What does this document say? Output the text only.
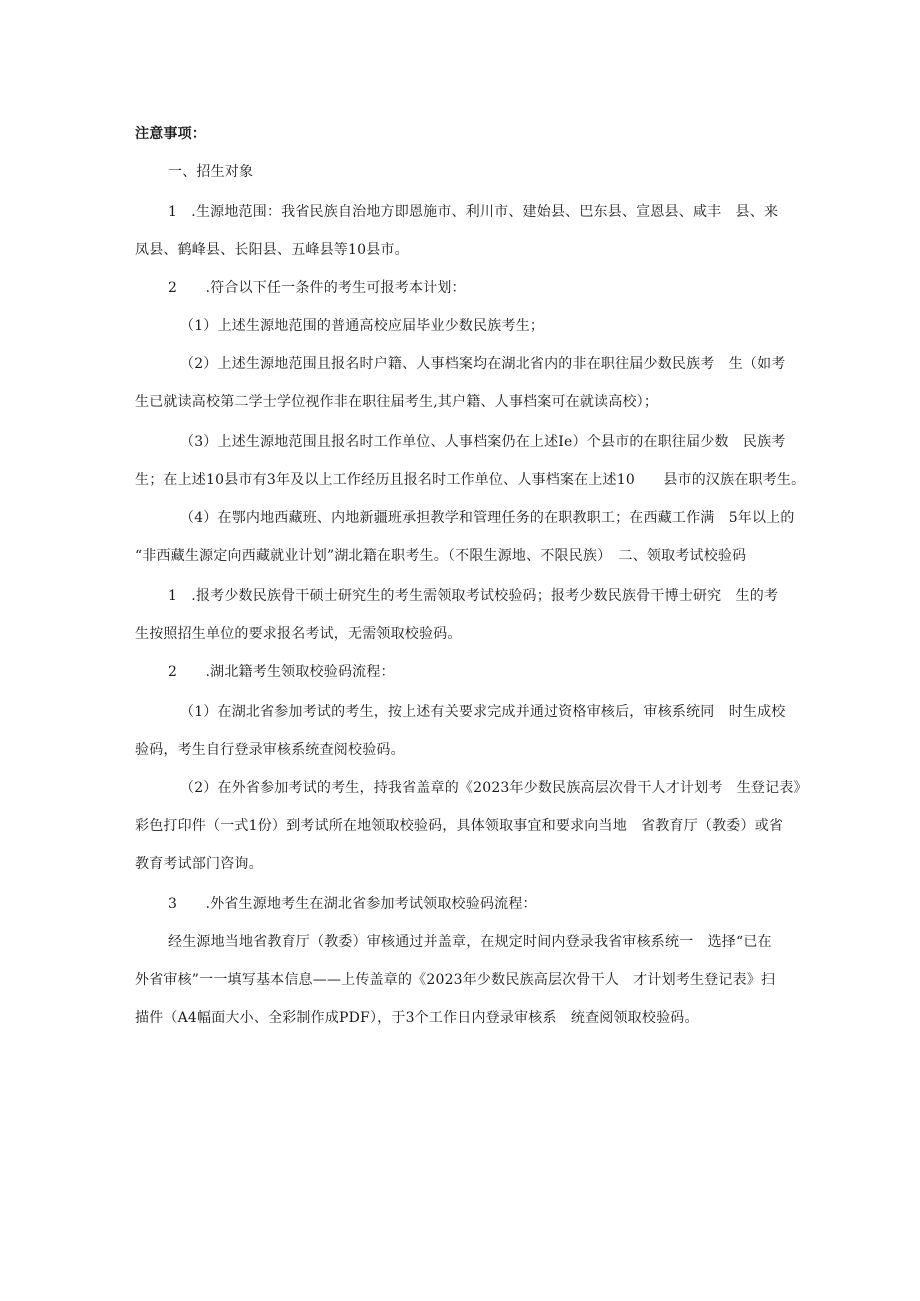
注意事项：
一、招生对象
1　.生源地范围：我省民族自治地方即恩施市、利川市、建始县、巴东县、宣恩县、咸丰　县、来
凤县、鹤峰县、长阳县、五峰县等10县市。
2　　.符合以下任一条件的考生可报考本计划：
（1）上述生源地范围的普通高校应届毕业少数民族考生；
（2）上述生源地范围且报名时户籍、人事档案均在湖北省内的非在职往届少数民族考　生（如考
生已就读高校第二学士学位视作非在职往届考生,其户籍、人事档案可在就读高校）；
（3）上述生源地范围且报名时工作单位、人事档案仍在上述Ie）个县市的在职往届少数　民族考
生；在上述10县市有3年及以上工作经历且报名时工作单位、人事档案在上述10　　县市的汉族在职考生。
（4）在鄂内地西藏班、内地新疆班承担教学和管理任务的在职教职工；在西藏工作满　5年以上的
“非西藏生源定向西藏就业计划”湖北籍在职考生。（不限生源地、不限民族）　二、领取考试校验码
1　.报考少数民族骨干硕士研究生的考生需领取考试校验码；报考少数民族骨干博士研究　生的考
生按照招生单位的要求报名考试，无需领取校验码。
2　　.湖北籍考生领取校验码流程：
（1）在湖北省参加考试的考生，按上述有关要求完成并通过资格审核后，审核系统同　时生成校
验码，考生自行登录审核系统查阅校验码。
（2）在外省参加考试的考生，持我省盖章的《2023年少数民族高层次骨干人才计划考　生登记表》
彩色打印件（一式1份）到考试所在地领取校验码，具体领取事宜和要求向当地　省教育厅（教委）或省
教育考试部门咨询。
3　　.外省生源地考生在湖北省参加考试领取校验码流程：
经生源地当地省教育厅（教委）审核通过并盖章，在规定时间内登录我省审核系统一　选择“已在
外省审核”一一填写基本信息——上传盖章的《2023年少数民族高层次骨干人　才计划考生登记表》扫
描件（A4幅面大小、全彩制作成PDF），于3个工作日内登录审核系　统查阅领取校验码。
